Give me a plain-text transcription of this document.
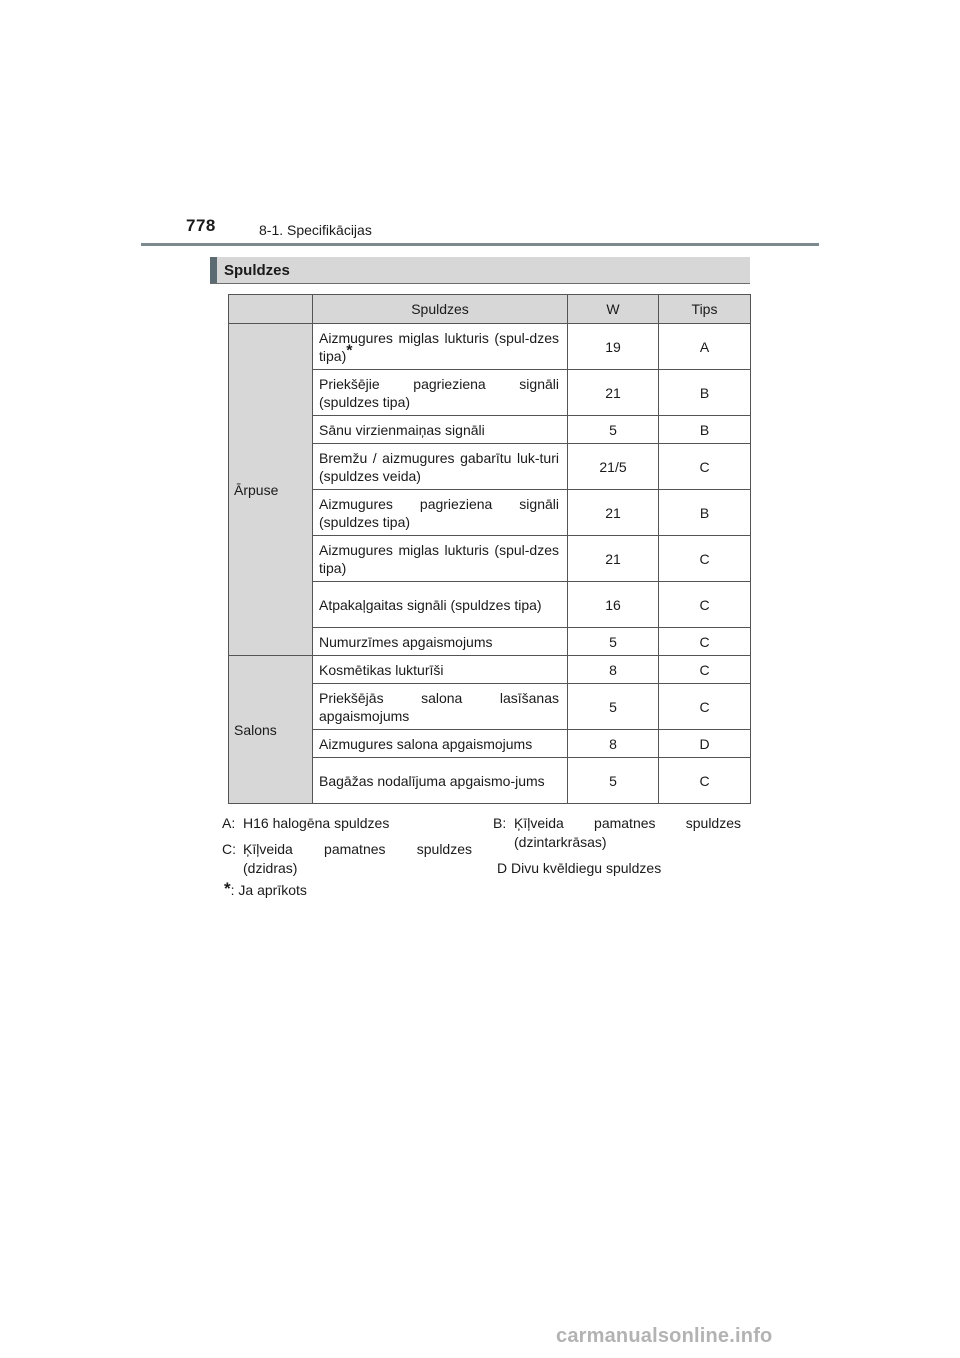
778	8-1. Specifikācijas
Spuldzes
	Spuldzes	W	Tips
Ārpuse	Aizmugures miglas lukturis (spul-dzes tipa)*	19	A
	Priekšējie pagrieziena signāli (spuldzes tipa)	21	B
	Sānu virzienmaiņas signāli	5	B
	Bremžu / aizmugures gabarītu luk-turi (spuldzes veida)	21/5	C
	Aizmugures pagrieziena signāli (spuldzes tipa)	21	B
	Aizmugures miglas lukturis (spul-dzes tipa)	21	C
	Atpakaļgaitas signāli (spuldzes tipa)	16	C
	Numurzīmes apgaismojums	5	C
Salons	Kosmētikas lukturīši	8	C
	Priekšējās salona lasīšanas apgaismojums	5	C
	Aizmugures salona apgaismojums	8	D
	Bagāžas nodalījuma apgaismo-jums	5	C
A: H16 halogēna spuldzes
C: Ķīļveida pamatnes spuldzes
(dzidras)
B: Ķīļveida pamatnes spuldzes
(dzintarkrāsas)
D Divu kvēldiegu spuldzes
*: Ja aprīkots
carmanualsonline.info
